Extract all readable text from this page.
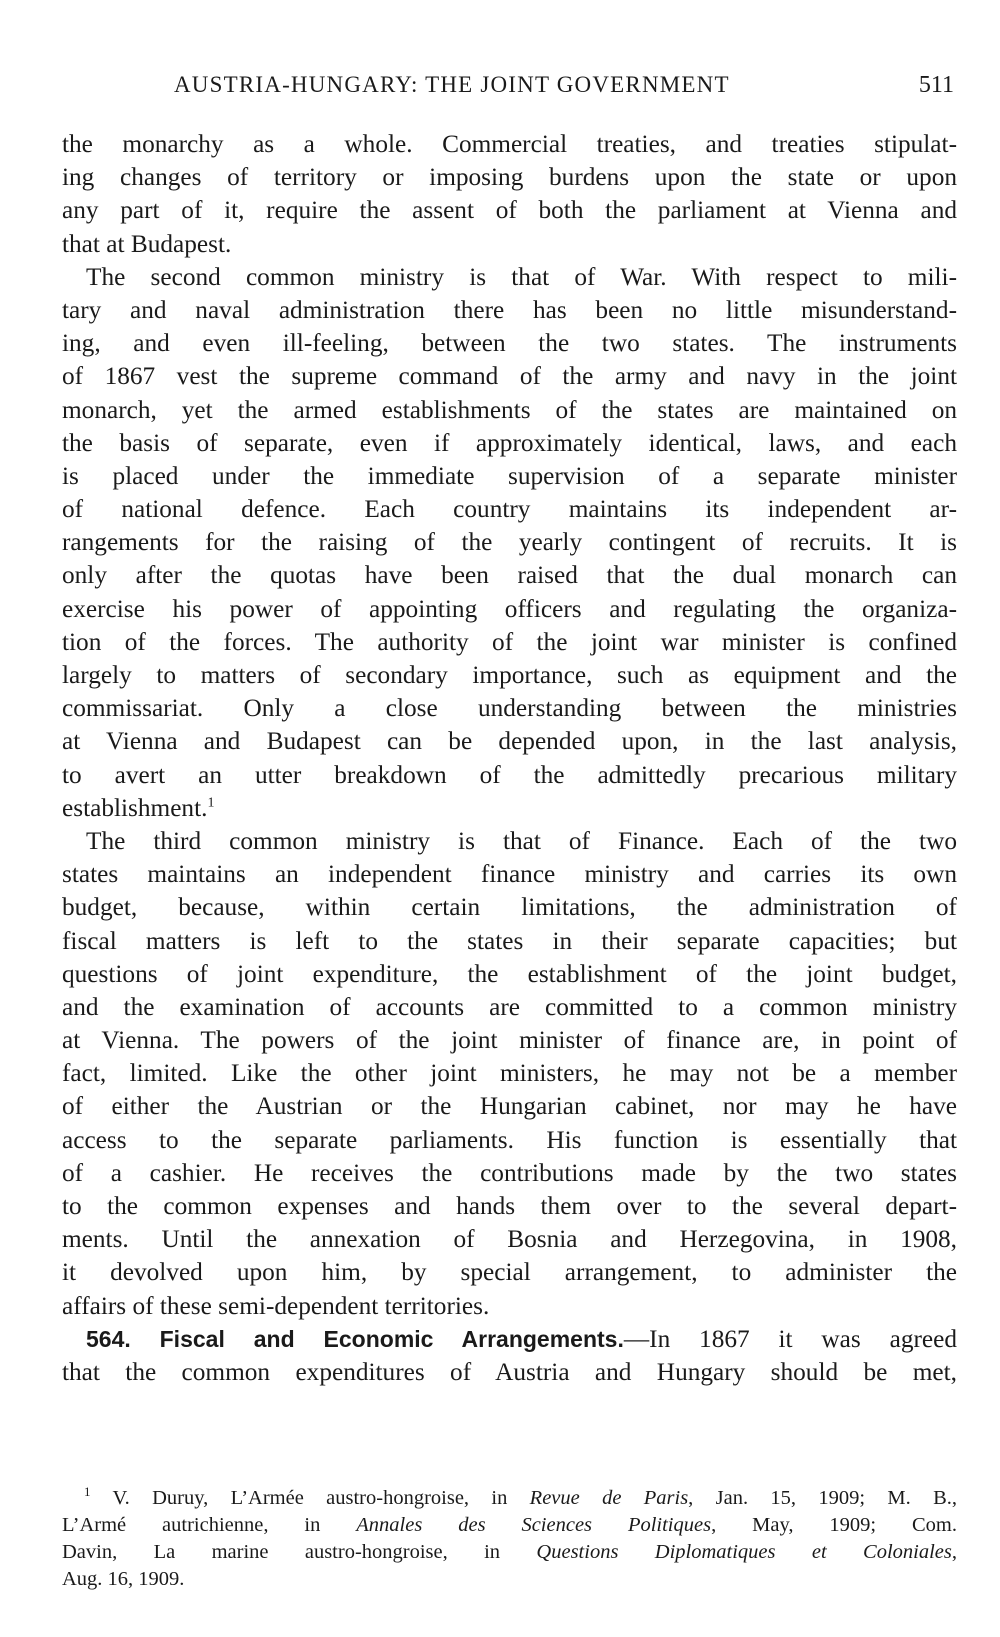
AUSTRIA-HUNGARY: THE JOINT GOVERNMENT	511
the monarchy as a whole. Commercial treaties, and treaties stipulat-
ing changes of territory or imposing burdens upon the state or upon
any part of it, require the assent of both the parliament at Vienna and
that at Budapest.
The second common ministry is that of War. With respect to mili-
tary and naval administration there has been no little misunderstand-
ing, and even ill-feeling, between the two states. The instruments
of 1867 vest the supreme command of the army and navy in the joint
monarch, yet the armed establishments of the states are maintained on
the basis of separate, even if approximately identical, laws, and each
is placed under the immediate supervision of a separate minister
of national defence. Each country maintains its independent ar-
rangements for the raising of the yearly contingent of recruits. It is
only after the quotas have been raised that the dual monarch can
exercise his power of appointing officers and regulating the organiza-
tion of the forces. The authority of the joint war minister is confined
largely to matters of secondary importance, such as equipment and the
commissariat. Only a close understanding between the ministries
at Vienna and Budapest can be depended upon, in the last analysis,
to avert an utter breakdown of the admittedly precarious military
establishment.$^1$
The third common ministry is that of Finance. Each of the two
states maintains an independent finance ministry and carries its own
budget, because, within certain limitations, the administration of
fiscal matters is left to the states in their separate capacities; but
questions of joint expenditure, the establishment of the joint budget,
and the examination of accounts are committed to a common ministry
at Vienna. The powers of the joint minister of finance are, in point of
fact, limited. Like the other joint ministers, he may not be a member
of either the Austrian or the Hungarian cabinet, nor may he have
access to the separate parliaments. His function is essentially that
of a cashier. He receives the contributions made by the two states
to the common expenses and hands them over to the several depart-
ments. Until the annexation of Bosnia and Herzegovina, in 1908,
it devolved upon him, by special arrangement, to administer the
affairs of these semi-dependent territories.
564. Fiscal and Economic Arrangements.—In 1867 it was agreed
that the common expenditures of Austria and Hungary should be met,
$^1$ V. Duruy, L’Armée austro-hongroise, in Revue de Paris, Jan. 15, 1909; M. B.,
L’Armé autrichienne, in Annales des Sciences Politiques, May, 1909; Com.
Davin, La marine austro-hongroise, in Questions Diplomatiques et Coloniales,
Aug. 16, 1909.
